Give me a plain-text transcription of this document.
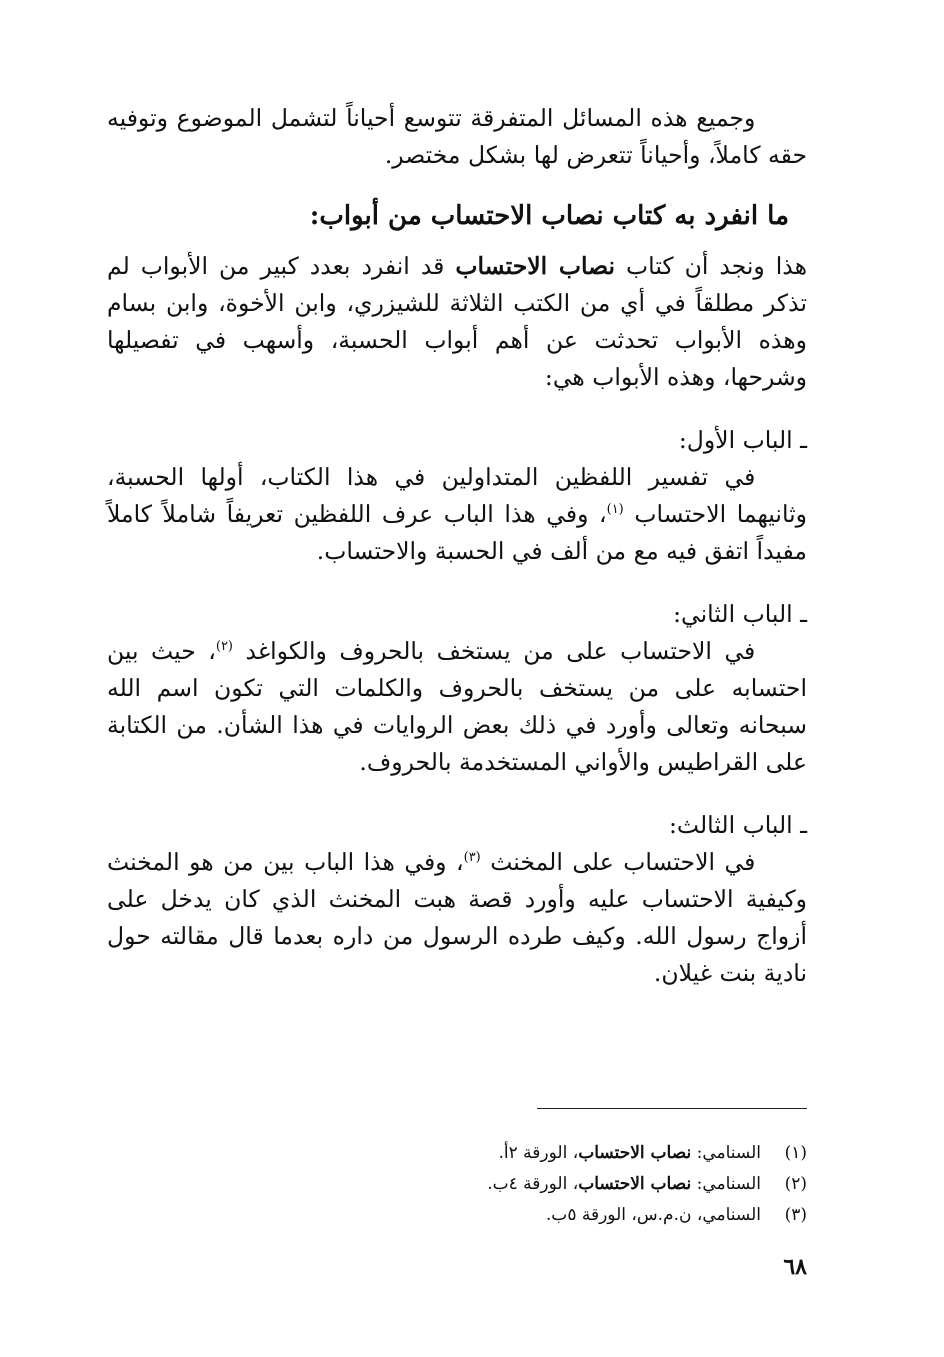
وجميع هذه المسائل المتفرقة تتوسع أحياناً لتشمل الموضوع وتوفيه حقه كاملاً، وأحياناً تتعرض لها بشكل مختصر.

ما انفرد به كتاب نصاب الاحتساب من أبواب:

هذا ونجد أن كتاب نصاب الاحتساب قد انفرد بعدد كبير من الأبواب لم تذكر مطلقاً في أي من الكتب الثلاثة للشيزري، وابن الأخوة، وابن بسام وهذه الأبواب تحدثت عن أهم أبواب الحسبة، وأسهب في تفصيلها وشرحها، وهذه الأبواب هي:

ـ الباب الأول:

في تفسير اللفظين المتداولين في هذا الكتاب، أولها الحسبة، وثانيهما الاحتساب $^{(١)}$، وفي هذا الباب عرف اللفظين تعريفاً شاملاً كاملاً مفيداً اتفق فيه مع من ألف في الحسبة والاحتساب.

ـ الباب الثاني:

في الاحتساب على من يستخف بالحروف والكواغد $^{(٢)}$، حيث بين احتسابه على من يستخف بالحروف والكلمات التي تكون اسم الله سبحانه وتعالى وأورد في ذلك بعض الروايات في هذا الشأن. من الكتابة على القراطيس والأواني المستخدمة بالحروف.

ـ الباب الثالث:

في الاحتساب على المخنث $^{(٣)}$، وفي هذا الباب بين من هو المخنث وكيفية الاحتساب عليه وأورد قصة هبت المخنث الذي كان يدخل على أزواج رسول الله. وكيف طرده الرسول من داره بعدما قال مقالته حول نادية بنت غيلان.

(١)
السنامي: نصاب الاحتساب، الورقة ٢أ.
(٢)
السنامي: نصاب الاحتساب، الورقة ٤ب.
(٣)
السنامي، ن.م.س، الورقة ٥ب.
٦٨
